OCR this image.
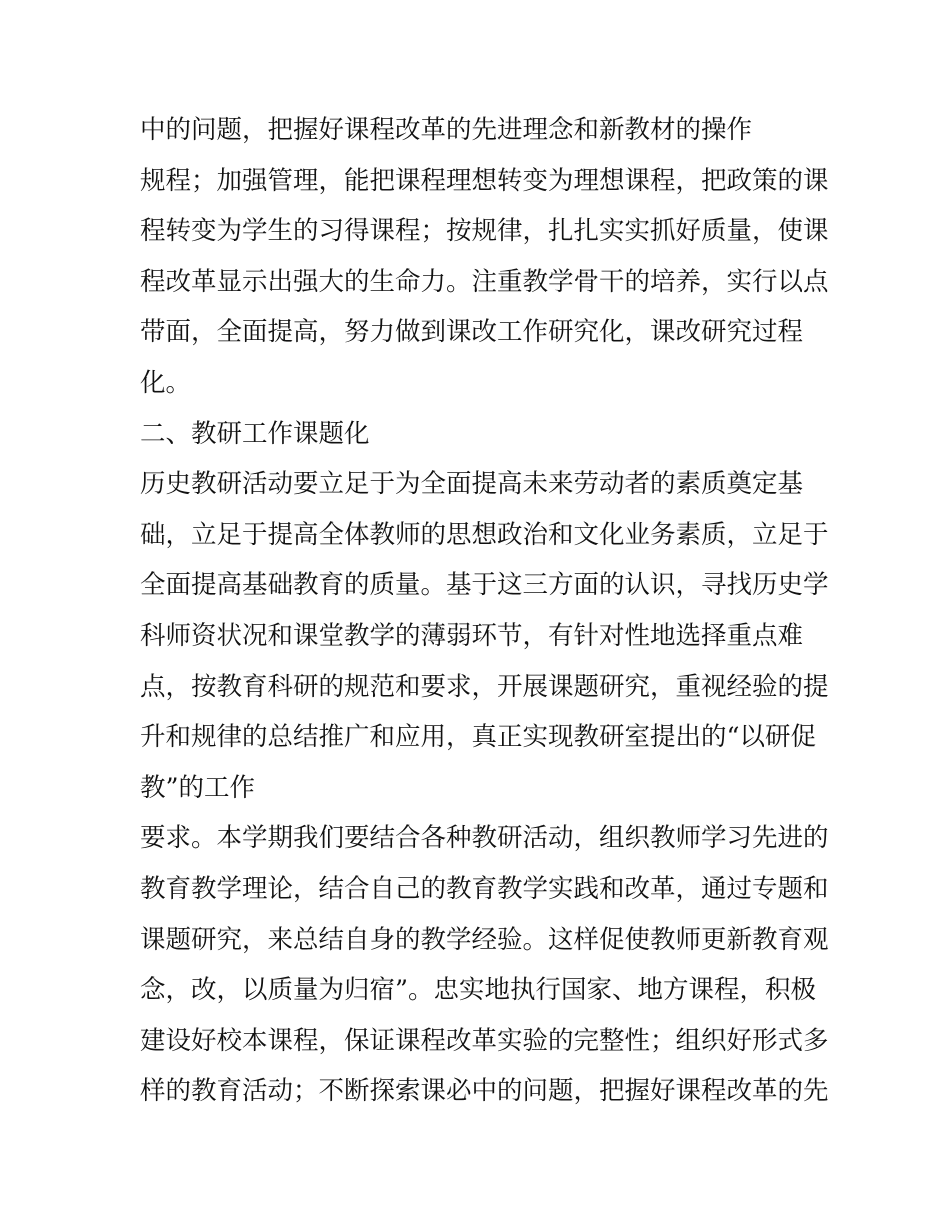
中的问题，把握好课程改革的先进理念和新教材的操作
规程；加强管理，能把课程理想转变为理想课程，把政策的课
程转变为学生的习得课程；按规律，扎扎实实抓好质量，使课
程改革显示出强大的生命力。注重教学骨干的培养，实行以点
带面，全面提高，努力做到课改工作研究化，课改研究过程
化。
二、教研工作课题化
历史教研活动要立足于为全面提高未来劳动者的素质奠定基
础，立足于提高全体教师的思想政治和文化业务素质，立足于
全面提高基础教育的质量。基于这三方面的认识，寻找历史学
科师资状况和课堂教学的薄弱环节，有针对性地选择重点难
点，按教育科研的规范和要求，开展课题研究，重视经验的提
升和规律的总结推广和应用，真正实现教研室提出的“以研促
教”的工作
要求。本学期我们要结合各种教研活动，组织教师学习先进的
教育教学理论，结合自己的教育教学实践和改革，通过专题和
课题研究，来总结自身的教学经验。这样促使教师更新教育观
念，改，以质量为归宿”。忠实地执行国家、地方课程，积极
建设好校本课程，保证课程改革实验的完整性；组织好形式多
样的教育活动；不断探索课必中的问题，把握好课程改革的先
